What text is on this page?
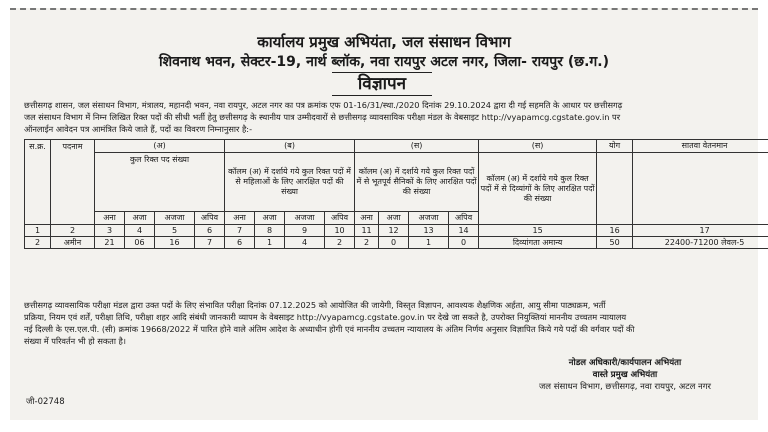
कार्यालय प्रमुख अभियंता, जल संसाधन विभाग
शिवनाथ भवन, सेक्टर-19, नार्थ ब्लॉक, नवा रायपुर अटल नगर, जिला- रायपुर (छ.ग.)
विज्ञापन
छत्तीसगढ़ शासन, जल संसाधन विभाग, मंत्रालय, महानदी भवन, नवा रायपुर, अटल नगर का पत्र क्रमांक एफ 01-16/31/स्था./2020 दिनांक 29.10.2024 द्वारा दी गई सहमति के आधार पर छत्तीसगढ़
जल संसाधन विभाग में निम्न लिखित रिक्त पदों की सीधी भर्ती हेतु छत्तीसगढ़ के स्थानीय पात्र उम्मीदवारों से छत्तीसगढ़ व्यावसायिक परीक्षा मंडल के वेबसाइट http://vyapamcg.cgstate.gov.in पर
ऑनलाईन आवेदन पत्र आमंत्रित किये जाते हैं, पदों का विवरण निम्नानुसार है:-
स.क्र.	पदनाम	(अ)				(ब)				(स)				(स)	योग	सातवा वेतनमान
		कुल रिक्त पद संख्या				कॉलम (अ) में दर्शाये गये कुल रिक्त पदों में से महिलाओं के लिए आरक्षित पदों की संख्या				कॉलम (अ) में दर्शाये गये कुल रिक्त पदों में से भूतपूर्व सैनिकों के लिए आरक्षित पदों की संख्या				कॉलम (अ) में दर्शाये गये कुल रिक्त पदों में से दिव्यांगों के लिए आरक्षित पदों की संख्या		
		अना	अजा	अजजा	अपिव	अना	अजा	अजजा	अपिव	अना	अजा	अजजा	अपिव			
1	2	3	4	5	6	7	8	9	10	11	12	13	14	15	16	17
2	अमीन	21	06	16	7	6	1	4	2	2	0	1	0	दिव्यांगता अमान्य	50	22400-71200 लेवल-5
छत्तीसगढ़ व्यावसायिक परीक्षा मंडल द्वारा उक्त पदों के लिए संभावित परीक्षा दिनांक 07.12.2025 को आयोजित की जायेगी, विस्तृत विज्ञापन, आवश्यक शैक्षणिक अर्हता, आयु सीमा पाठ्यक्रम, भर्ती
प्रक्रिया, नियम एवं शर्तें, परीक्षा तिथि, परीक्षा शहर आदि संबंधी जानकारी व्यापम के वेबसाइट http://vyapamcg.cgstate.gov.in पर देखे जा सकते है, उपरोक्त नियुक्तियां माननीय उच्चतम न्यायालय
नई दिल्ली के एस.एल.पी. (सी) क्रमांक 19668/2022 में पारित होने वाले अंतिम आदेश के अध्याधीन होगी एवं माननीय उच्चतम न्यायालय के अंतिम निर्णय अनुसार विज्ञापित किये गये पदों की वर्गवार पदों की
संख्या में परिवर्तन भी हो सकता है।
नोडल अधिकारी/कार्यपालन अभियंता
वास्ते प्रमुख अभियंता
जल संसाधन विभाग, छत्तीसगढ़, नवा रायपुर, अटल नगर
जी-02748
